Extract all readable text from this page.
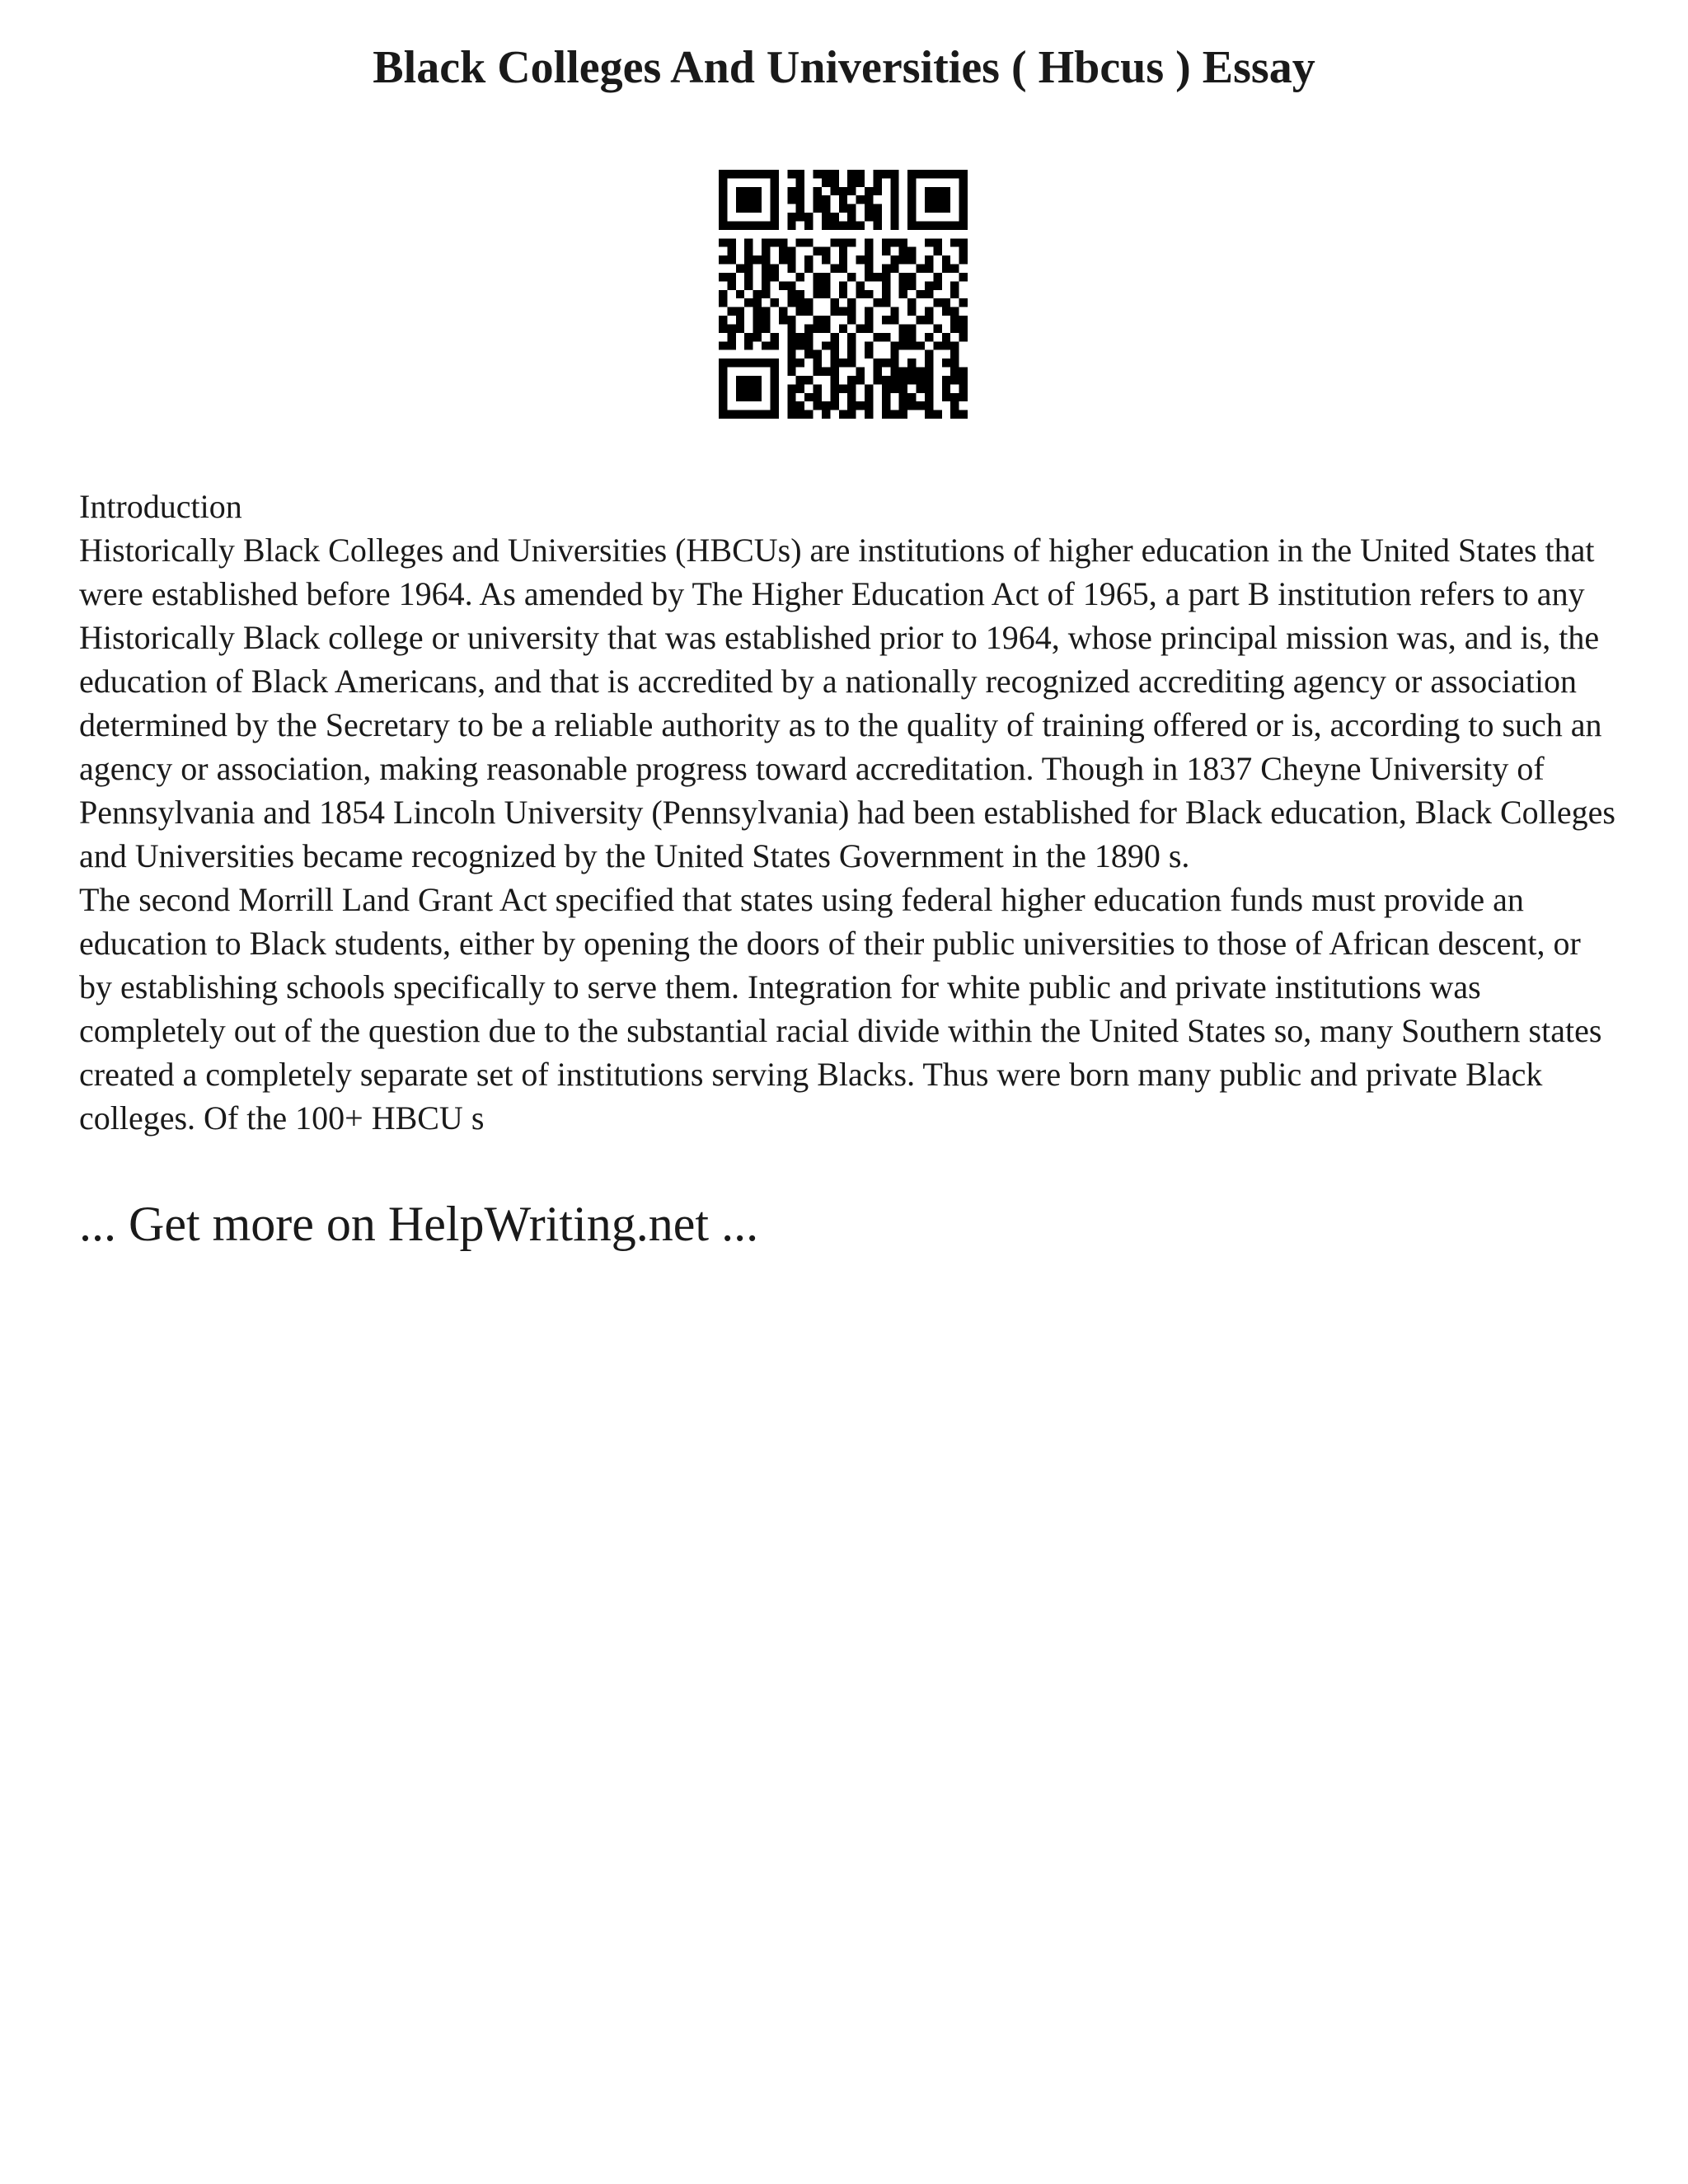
Black Colleges And Universities ( Hbcus ) Essay
Introduction

Historically Black Colleges and Universities (HBCUs) are institutions of higher education in the United States that were established before 1964. As amended by The Higher Education Act of 1965, a part B institution refers to any Historically Black college or university that was established prior to 1964, whose principal mission was, and is, the education of Black Americans, and that is accredited by a nationally recognized accrediting agency or association determined by the Secretary to be a reliable authority as to the quality of training offered or is, according to such an agency or association, making reasonable progress toward accreditation. Though in 1837 Cheyne University of Pennsylvania and 1854 Lincoln University (Pennsylvania) had been established for Black education, Black Colleges and Universities became recognized by the United States Government in the 1890 s.

The second Morrill Land Grant Act specified that states using federal higher education funds must provide an education to Black students, either by opening the doors of their public universities to those of African descent, or by establishing schools specifically to serve them. Integration for white public and private institutions was completely out of the question due to the substantial racial divide within the United States so, many Southern states created a completely separate set of institutions serving Blacks. Thus were born many public and private Black colleges. Of the 100+ HBCU s

... Get more on HelpWriting.net ...
